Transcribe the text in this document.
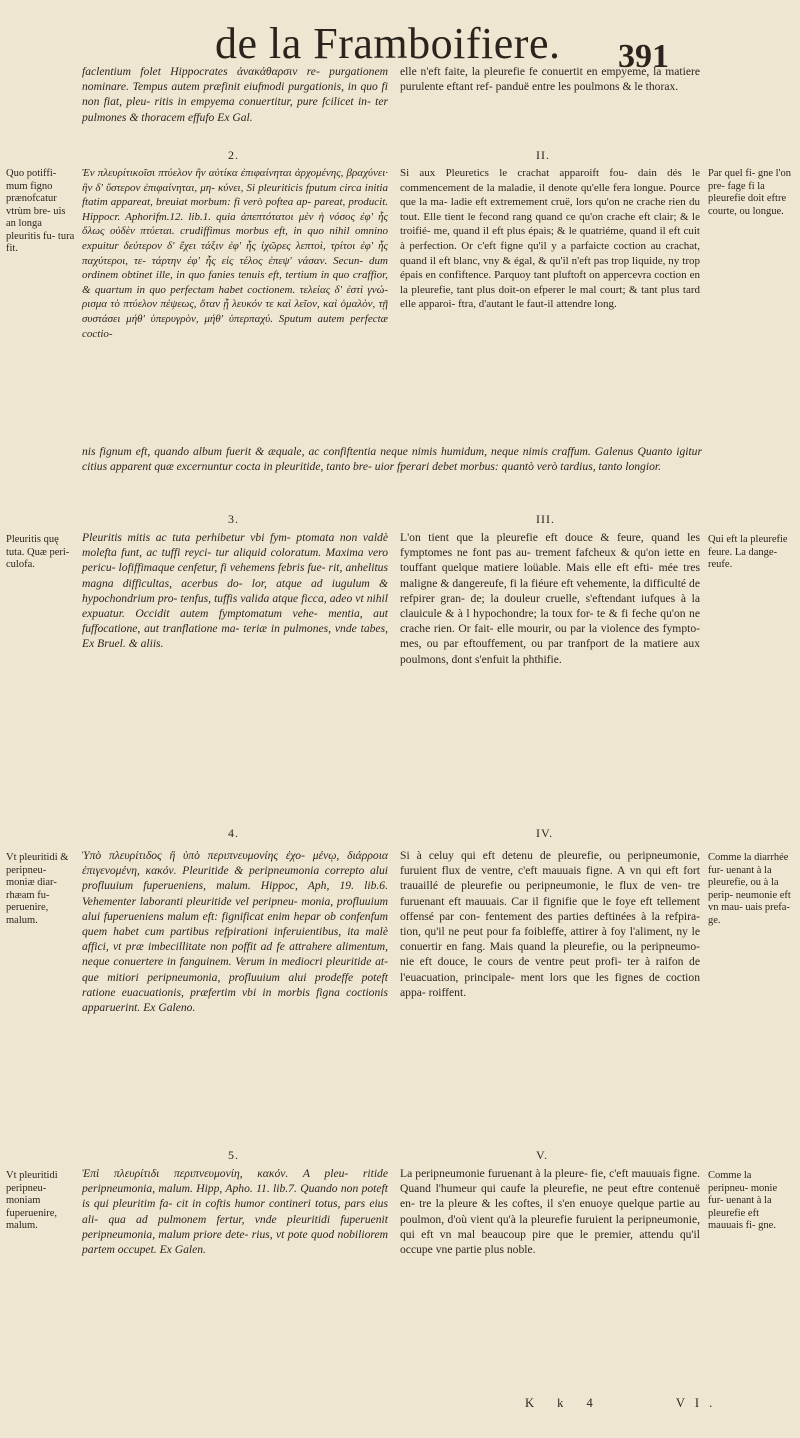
de la Framboifiere. 391

faclentium folet Hippocrates ἀνακάθαρσιν re- purgationem nominare. Tempus autem præfinit eiufmodi purgationis, in quo fi non fiat, pleu- ritis in empyema conuertitur, pure fcilicet in- ter pulmones & thoracem effufo Ex Gal.

elle n'eft faite, la pleurefie fe conuertit en empyeme, la matiere purulente eftant ref- panduë entre les poulmons & le thorax.

2.	II.
Quo potiffi- mum figno prænofcatur vtrùm bre- uis an longa pleuritis fu- tura fit.

Ἐν πλευρίτικοῖσι πτύελον ἢν αὐτίκα ἐπιφαίνηται ἀρχομένης, βραχύνει· ἢν δ' ὕστερον ἐπιφαίνηται, μη- κύνει, Si pleuriticis fputum circa initia ftatim appareat, breuiat morbum: fi verò poftea ap- pareat, producit. Hippocr. Aphorifm.12. lib.1. quia ἀπεπτότατοι μὲν ἡ νόσος ἐφ' ἧς ὅλως οὐδὲν πτύεται. crudiffimus morbus eft, in quo nihil omnino expuitur δεύτερον δ' ἔχει τάξιν ἐφ' ἧς ἰχῶρες λεπτοὶ, τρίτοι ἐφ' ἧς παχύτεροι, τε- τάρτην ἐφ' ἧς εἰς τέλος ἐπεψ' νάσαν. Secun- dum ordinem obtinet ille, in quo fanies tenuis eft, tertium in quo craffior, & quartum in quo perfectam habet coctionem. τελείας δ' ἐστὶ γνώ- ρισμα τὸ πτύελον πέψεως, ὅταν ᾖ λευκόν τε καὶ λεῖον, καὶ ὁμαλὸν, τῇ συστάσει μήθ' ὑπερυγρὸν, μήθ' ὑπερπαχύ. Sputum autem perfectæ coctio-

Si aux Pleuretics le crachat apparoift fou- dain dés le commencement de la maladie, il denote qu'elle fera longue. Pource que la ma- ladie eft extremement cruë, lors qu'on ne crache rien du tout. Elle tient le fecond rang quand ce qu'on crache eft clair; & le troifié- me, quand il eft plus épais; & le quatriéme, quand il eft cuit à perfection. Or c'eft figne qu'il y a parfaicte coction au crachat, quand il eft blanc, vny & égal, & qu'il n'eft pas trop liquide, ny trop épais en confiftence. Parquoy tant pluftoft on appercevra coction en la pleurefie, tant plus doit-on efperer le mal court; & tant plus tard elle apparoi- ftra, d'autant le faut-il attendre long.

Par quel fi- gne l'on pre- fage fi la pleurefie doit eftre courte, ou longue.

nis fignum eft, quando album fuerit & æquale, ac confiftentia neque nimis humidum, neque nimis craffum. Galenus Quanto igitur citius apparent quæ excernuntur cocta in pleuritide, tanto bre- uior fperari debet morbus: quantò verò tardius, tanto longior.

3.	III.
Pleuritis quę tuta. Quæ peri- culofa.

Pleuritis mitis ac tuta perhibetur vbi fym- ptomata non valdè molefta funt, ac tuffi reyci- tur aliquid coloratum. Maxima vero pericu- lofiffimaque cenfetur, fi vehemens febris fue- rit, anhelitus magna difficultas, acerbus do- lor, atque ad iugulum & hypochondrium pro- tenfus, tuffis valida atque ficca, adeo vt nihil expuatur. Occidit autem fymptomatum vehe- mentia, aut fuffocatione, aut tranflatione ma- teriæ in pulmones, vnde tabes, Ex Bruel. & aliis.

L'on tient que la pleurefie eft douce & feure, quand les fymptomes ne font pas au- trement fafcheux & qu'on iette en touffant quelque matiere loüable. Mais elle eft efti- mée tres maligne & dangereufe, fi la fiéure eft vehemente, la difficulté de refpirer gran- de; la douleur cruelle, s'eftendant iufques à la clauicule & à l hypochondre; la toux for- te & fi feche qu'on ne crache rien. Or fait- elle mourir, ou par la violence des fympto- mes, ou par eftouffement, ou par tranfport de la matiere aux poulmons, dont s'enfuit la phthifie.

Qui eft la pleurefie feure. La dange- reufe.
4.	IV.
Vt pleuritidi & peripneu- moniæ diar- rhæam fu- peruenire, malum.

Ὑπὸ πλευρίτιδος ἢ ὑπὸ περιπνευμονίης ἐχο- μένῳ, διάρροια ἐπιγενομένη, κακόν. Pleuritide & peripneumonia correpto alui profluuium fuperueniens, malum. Hippoc, Aph, 19. lib.6. Vehementer laboranti pleuritide vel peripneu- monia, profluuium alui fuperueniens malum eft: fignificat enim hepar ob confenfum quem habet cum partibus refpirationi inferuientibus, ita malè affici, vt præ imbecillitate non poffit ad fe attrahere alimentum, neque conuertere in fanguinem. Verum in mediocri pleuritide at- que mitiori peripneumonia, profluuium alui prodeffe poteft ratione euacuationis, præfertim vbi in morbis figna coctionis apparuerint. Ex Galeno.

Si à celuy qui eft detenu de pleurefie, ou peripneumonie, furuient flux de ventre, c'eft mauuais figne. A vn qui eft fort trauaillé de pleurefie ou peripneumonie, le flux de ven- tre furuenant eft mauuais. Car il fignifie que le foye eft tellement offensé par con- fentement des parties deftinées à la refpira- tion, qu'il ne peut pour fa foibleffe, attirer à foy l'aliment, ny le conuertir en fang. Mais quand la pleurefie, ou la peripneumo- nie eft douce, le cours de ventre peut profi- ter à raifon de l'euacuation, principale- ment lors que les fignes de coction appa- roiffent.

Comme la diarrhée fur- uenant à la pleurefie, ou à la perip- neumonie eft vn mau- uais prefa- ge.
5.	V.
Vt pleuritidi peripneu- moniam fuperuenire, malum.

Ἐπὶ πλευρίτιδι περιπνευμονίη, κακόν. A pleu- ritide peripneumonia, malum. Hipp, Apho. 11. lib.7. Quando non poteft is qui pleuritim fa- cit in coftis humor contineri totus, pars eius ali- qua ad pulmonem fertur, vnde pleuritidi fuperuenit peripneumonia, malum priore dete- rius, vt pote quod nobiliorem partem occupet. Ex Galen.

La peripneumonie furuenant à la pleure- fie, c'eft mauuais figne. Quand l'humeur qui caufe la pleurefie, ne peut eftre contenuë en- tre la pleure & les coftes, il s'en enuoye quelque partie au poulmon, d'où vient qu'à la pleurefie furuient la peripneumonie, qui eft vn mal beaucoup pire que le premier, attendu qu'il occupe vne partie plus noble.

Comme la peripneu- monie fur- uenant à la pleurefie eft mauuais fi- gne.
K k 4	VI.
